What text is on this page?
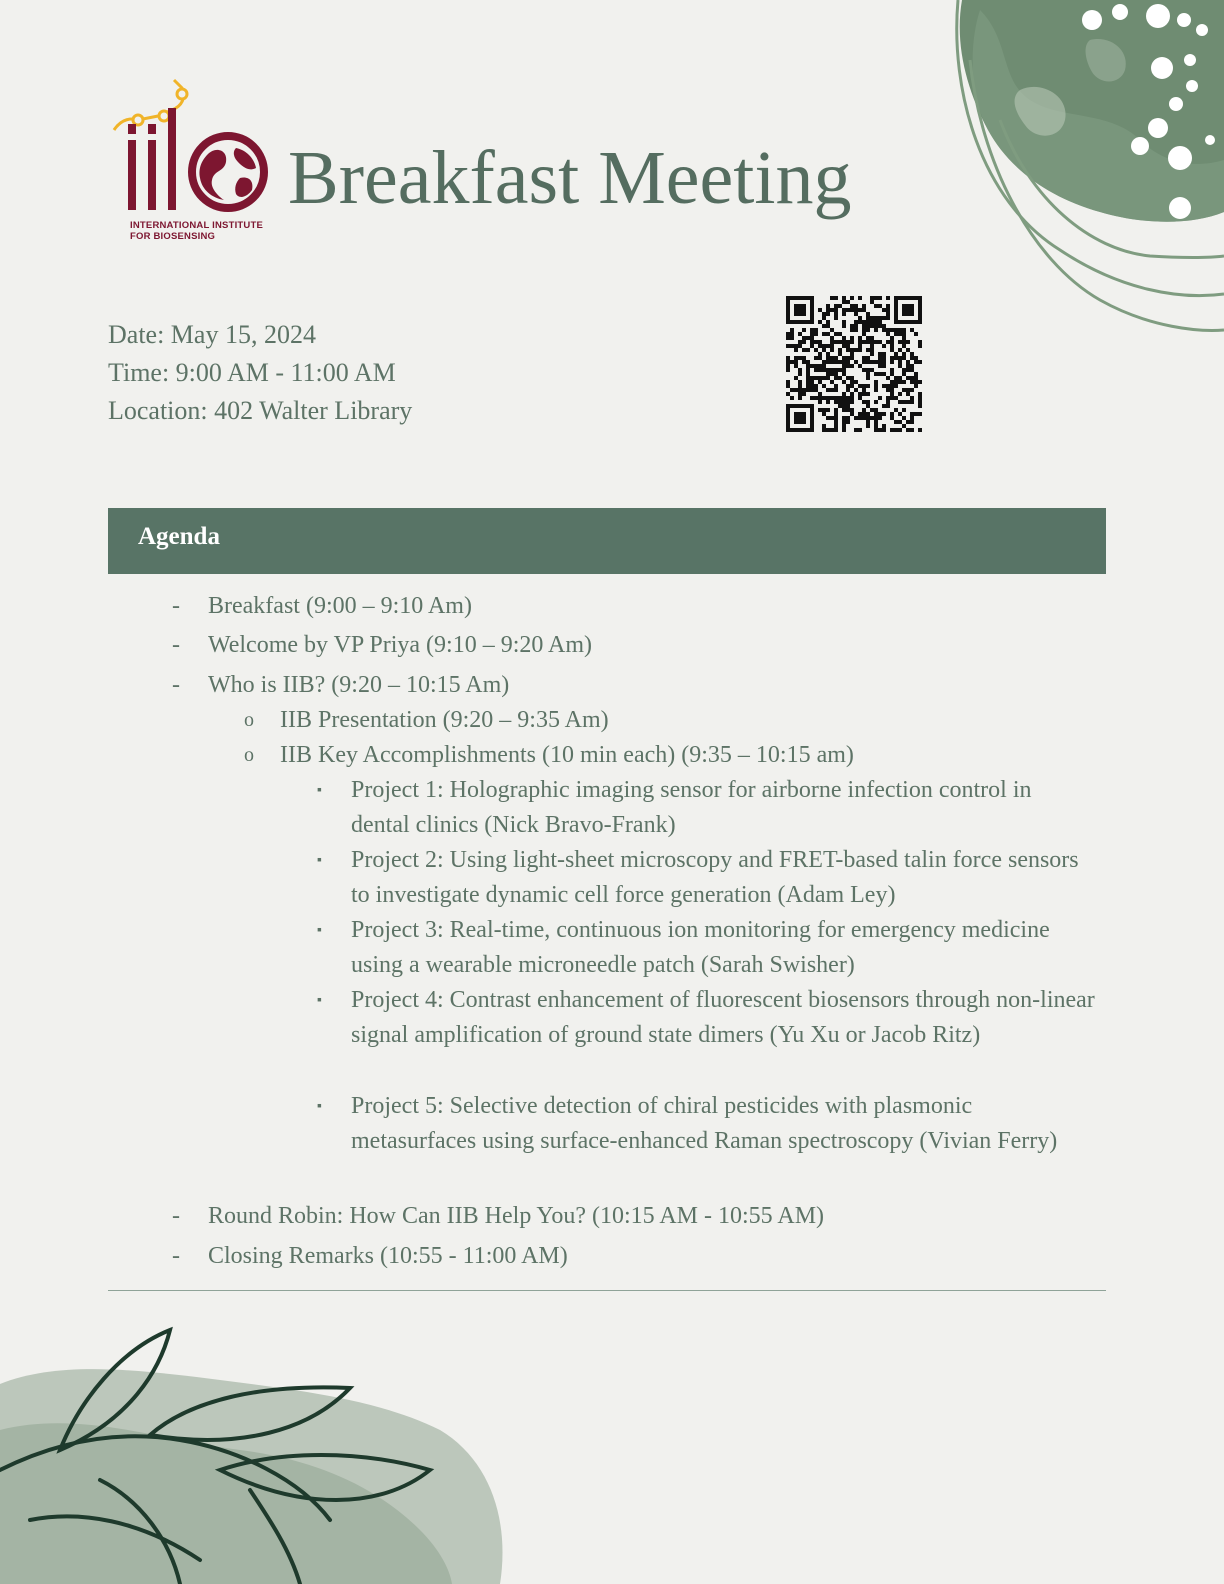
INTERNATIONAL INSTITUTE
FOR BIOSENSING
Breakfast Meeting
Date: May 15, 2024
Time: 9:00 AM - 11:00 AM
Location: 402 Walter Library
Agenda
- Breakfast (9:00 – 9:10 Am)
- Welcome by VP Priya (9:10 – 9:20 Am)
- Who is IIB? (9:20 – 10:15 Am)
o IIB Presentation (9:20 – 9:35 Am)
o IIB Key Accomplishments (10 min each) (9:35 – 10:15 am)
▪ Project 1: Holographic imaging sensor for airborne infection control in dental clinics (Nick Bravo-Frank)
▪ Project 2: Using light-sheet microscopy and FRET-based talin force sensors to investigate dynamic cell force generation (Adam Ley)
▪ Project 3: Real-time, continuous ion monitoring for emergency medicine using a wearable microneedle patch (Sarah Swisher)
▪ Project 4: Contrast enhancement of fluorescent biosensors through non-linear signal amplification of ground state dimers (Yu Xu or Jacob Ritz)
▪ Project 5: Selective detection of chiral pesticides with plasmonic metasurfaces using surface-enhanced Raman spectroscopy (Vivian Ferry)
- Round Robin: How Can IIB Help You? (10:15 AM - 10:55 AM)
- Closing Remarks (10:55 - 11:00 AM)
